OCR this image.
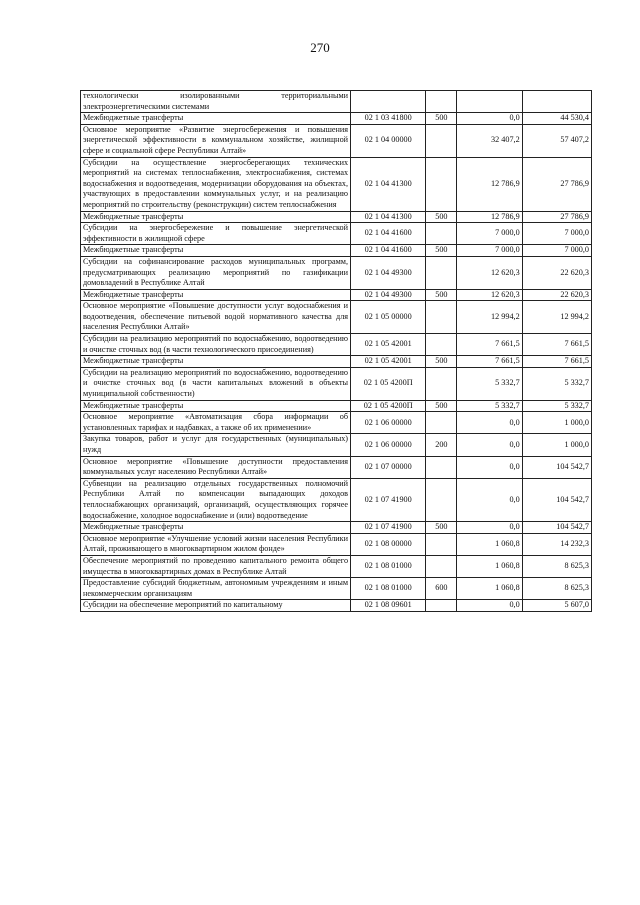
270
технологически изолированными территориальными электроэнергетическими системами				
Межбюджетные трансферты	02 1 03 41800	500	0,0	44 530,4
Основное мероприятие «Развитие энергосбережения и повышения энергетической эффективности в коммунальном хозяйстве, жилищной сфере и социальной сфере Республики Алтай»	02 1 04 00000		32 407,2	57 407,2
Субсидии на осуществление энергосберегающих технических мероприятий на системах теплоснабжения, электроснабжения, системах водоснабжения и водоотведения, модернизации оборудования на объектах, участвующих в предоставлении коммунальных услуг, и на реализацию мероприятий по строительству (реконструкции) систем теплоснабжения	02 1 04 41300		12 786,9	27 786,9
Межбюджетные трансферты	02 1 04 41300	500	12 786,9	27 786,9
Субсидии на энергосбережение и повышение энергетической эффективности в жилищной сфере	02 1 04 41600		7 000,0	7 000,0
Межбюджетные трансферты	02 1 04 41600	500	7 000,0	7 000,0
Субсидии на софинансирование расходов муниципальных программ, предусматривающих реализацию мероприятий по газификации домовладений в Республике Алтай	02 1 04 49300		12 620,3	22 620,3
Межбюджетные трансферты	02 1 04 49300	500	12 620,3	22 620,3
Основное мероприятие «Повышение доступности услуг водоснабжения и водоотведения, обеспечение питьевой водой нормативного качества для населения Республики Алтай»	02 1 05 00000		12 994,2	12 994,2
Субсидии на реализацию мероприятий по водоснабжению, водоотведению и очистке сточных вод (в части технологического присоединения)	02 1 05 42001		7 661,5	7 661,5
Межбюджетные трансферты	02 1 05 42001	500	7 661,5	7 661,5
Субсидии на реализацию мероприятий по водоснабжению, водоотведению и очистке сточных вод (в части капитальных вложений в объекты муниципальной собственности)	02 1 05 4200П		5 332,7	5 332,7
Межбюджетные трансферты	02 1 05 4200П	500	5 332,7	5 332,7
Основное мероприятие «Автоматизация сбора информации об установленных тарифах и надбавках, а также об их применении»	02 1 06 00000		0,0	1 000,0
Закупка товаров, работ и услуг для государственных (муниципальных) нужд	02 1 06 00000	200	0,0	1 000,0
Основное мероприятие «Повышение доступности предоставления коммунальных услуг населению Республики Алтай»	02 1 07 00000		0,0	104 542,7
Субвенции на реализацию отдельных государственных полномочий Республики Алтай по компенсации выпадающих доходов теплоснабжающих организаций, организаций, осуществляющих горячее водоснабжение, холодное водоснабжение и (или) водоотведение	02 1 07 41900		0,0	104 542,7
Межбюджетные трансферты	02 1 07 41900	500	0,0	104 542,7
Основное мероприятие «Улучшение условий жизни населения Республики Алтай, проживающего в многоквартирном жилом фонде»	02 1 08 00000		1 060,8	14 232,3
Обеспечение мероприятий по проведению капитального ремонта общего имущества в многоквартирных домах в Республике Алтай	02 1 08 01000		1 060,8	8 625,3
Предоставление субсидий бюджетным, автономным учреждениям и иным некоммерческим организациям	02 1 08 01000	600	1 060,8	8 625,3
Субсидии на обеспечение мероприятий по капитальному	02 1 08 09601		0,0	5 607,0
